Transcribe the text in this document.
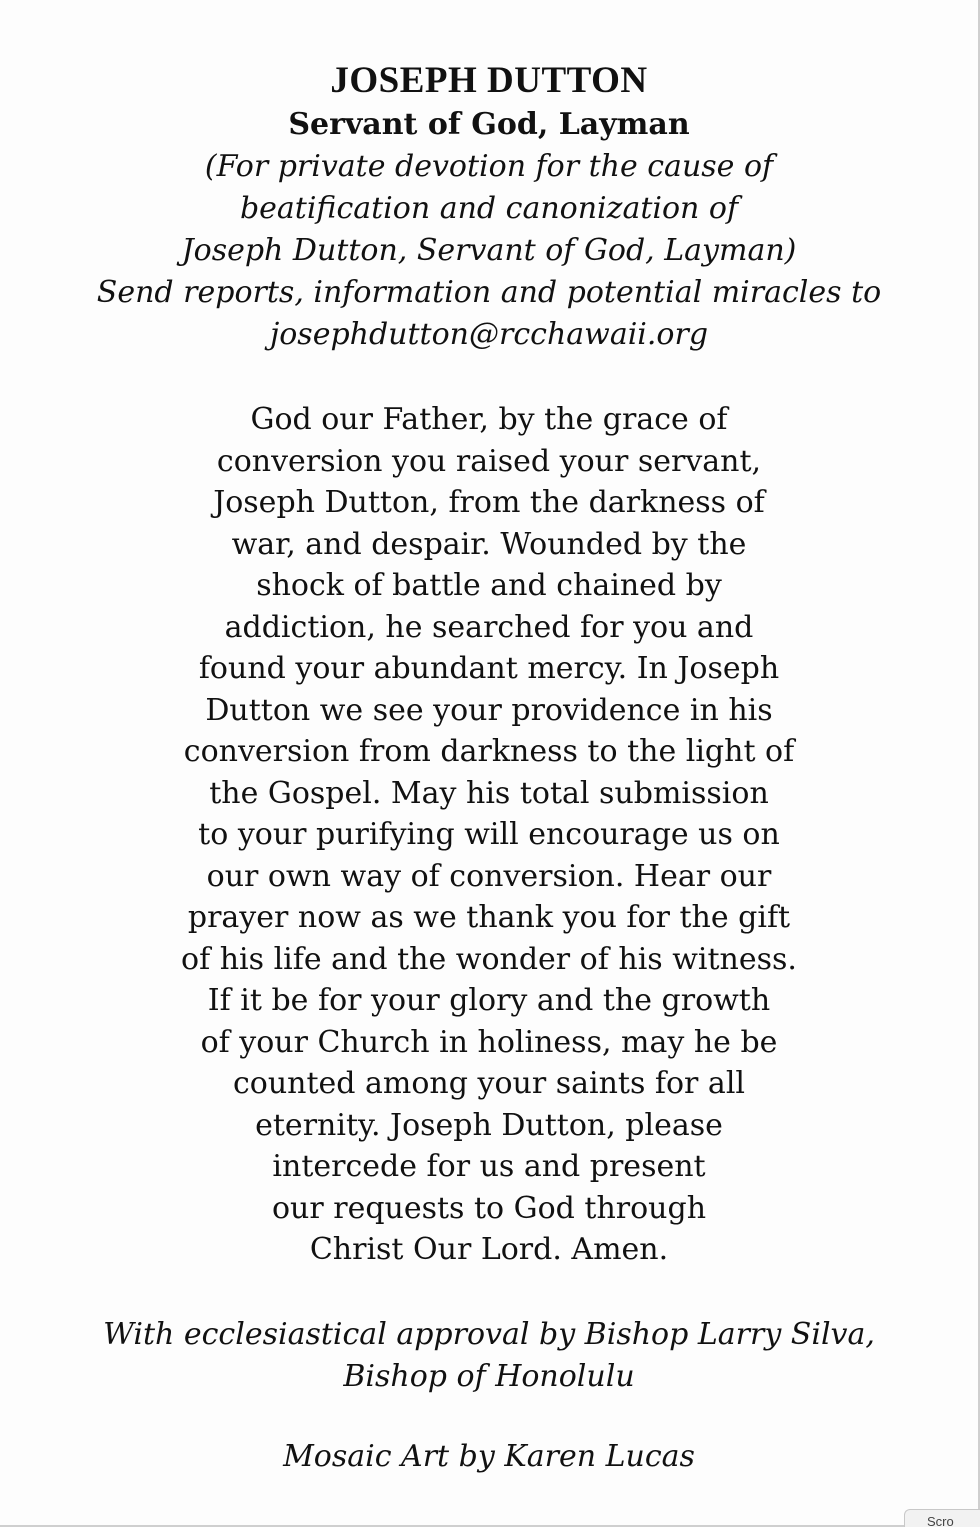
JOSEPH DUTTON
Servant of God, Layman
(For private devotion for the cause of
beatification and canonization of
Joseph Dutton, Servant of God, Layman)
Send reports, information and potential miracles to
josephdutton@rcchawaii.org
God our Father, by the grace of
conversion you raised your servant,
Joseph Dutton, from the darkness of
war, and despair. Wounded by the
shock of battle and chained by
addiction, he searched for you and
found your abundant mercy. In Joseph
Dutton we see your providence in his
conversion from darkness to the light of
the Gospel. May his total submission
to your purifying will encourage us on
our own way of conversion. Hear our
prayer now as we thank you for the gift
of his life and the wonder of his witness.
If it be for your glory and the growth
of your Church in holiness, may he be
counted among your saints for all
eternity. Joseph Dutton, please
intercede for us and present
our requests to God through
Christ Our Lord. Amen.
With ecclesiastical approval by Bishop Larry Silva,
Bishop of Honolulu
Mosaic Art by Karen Lucas
Scro
